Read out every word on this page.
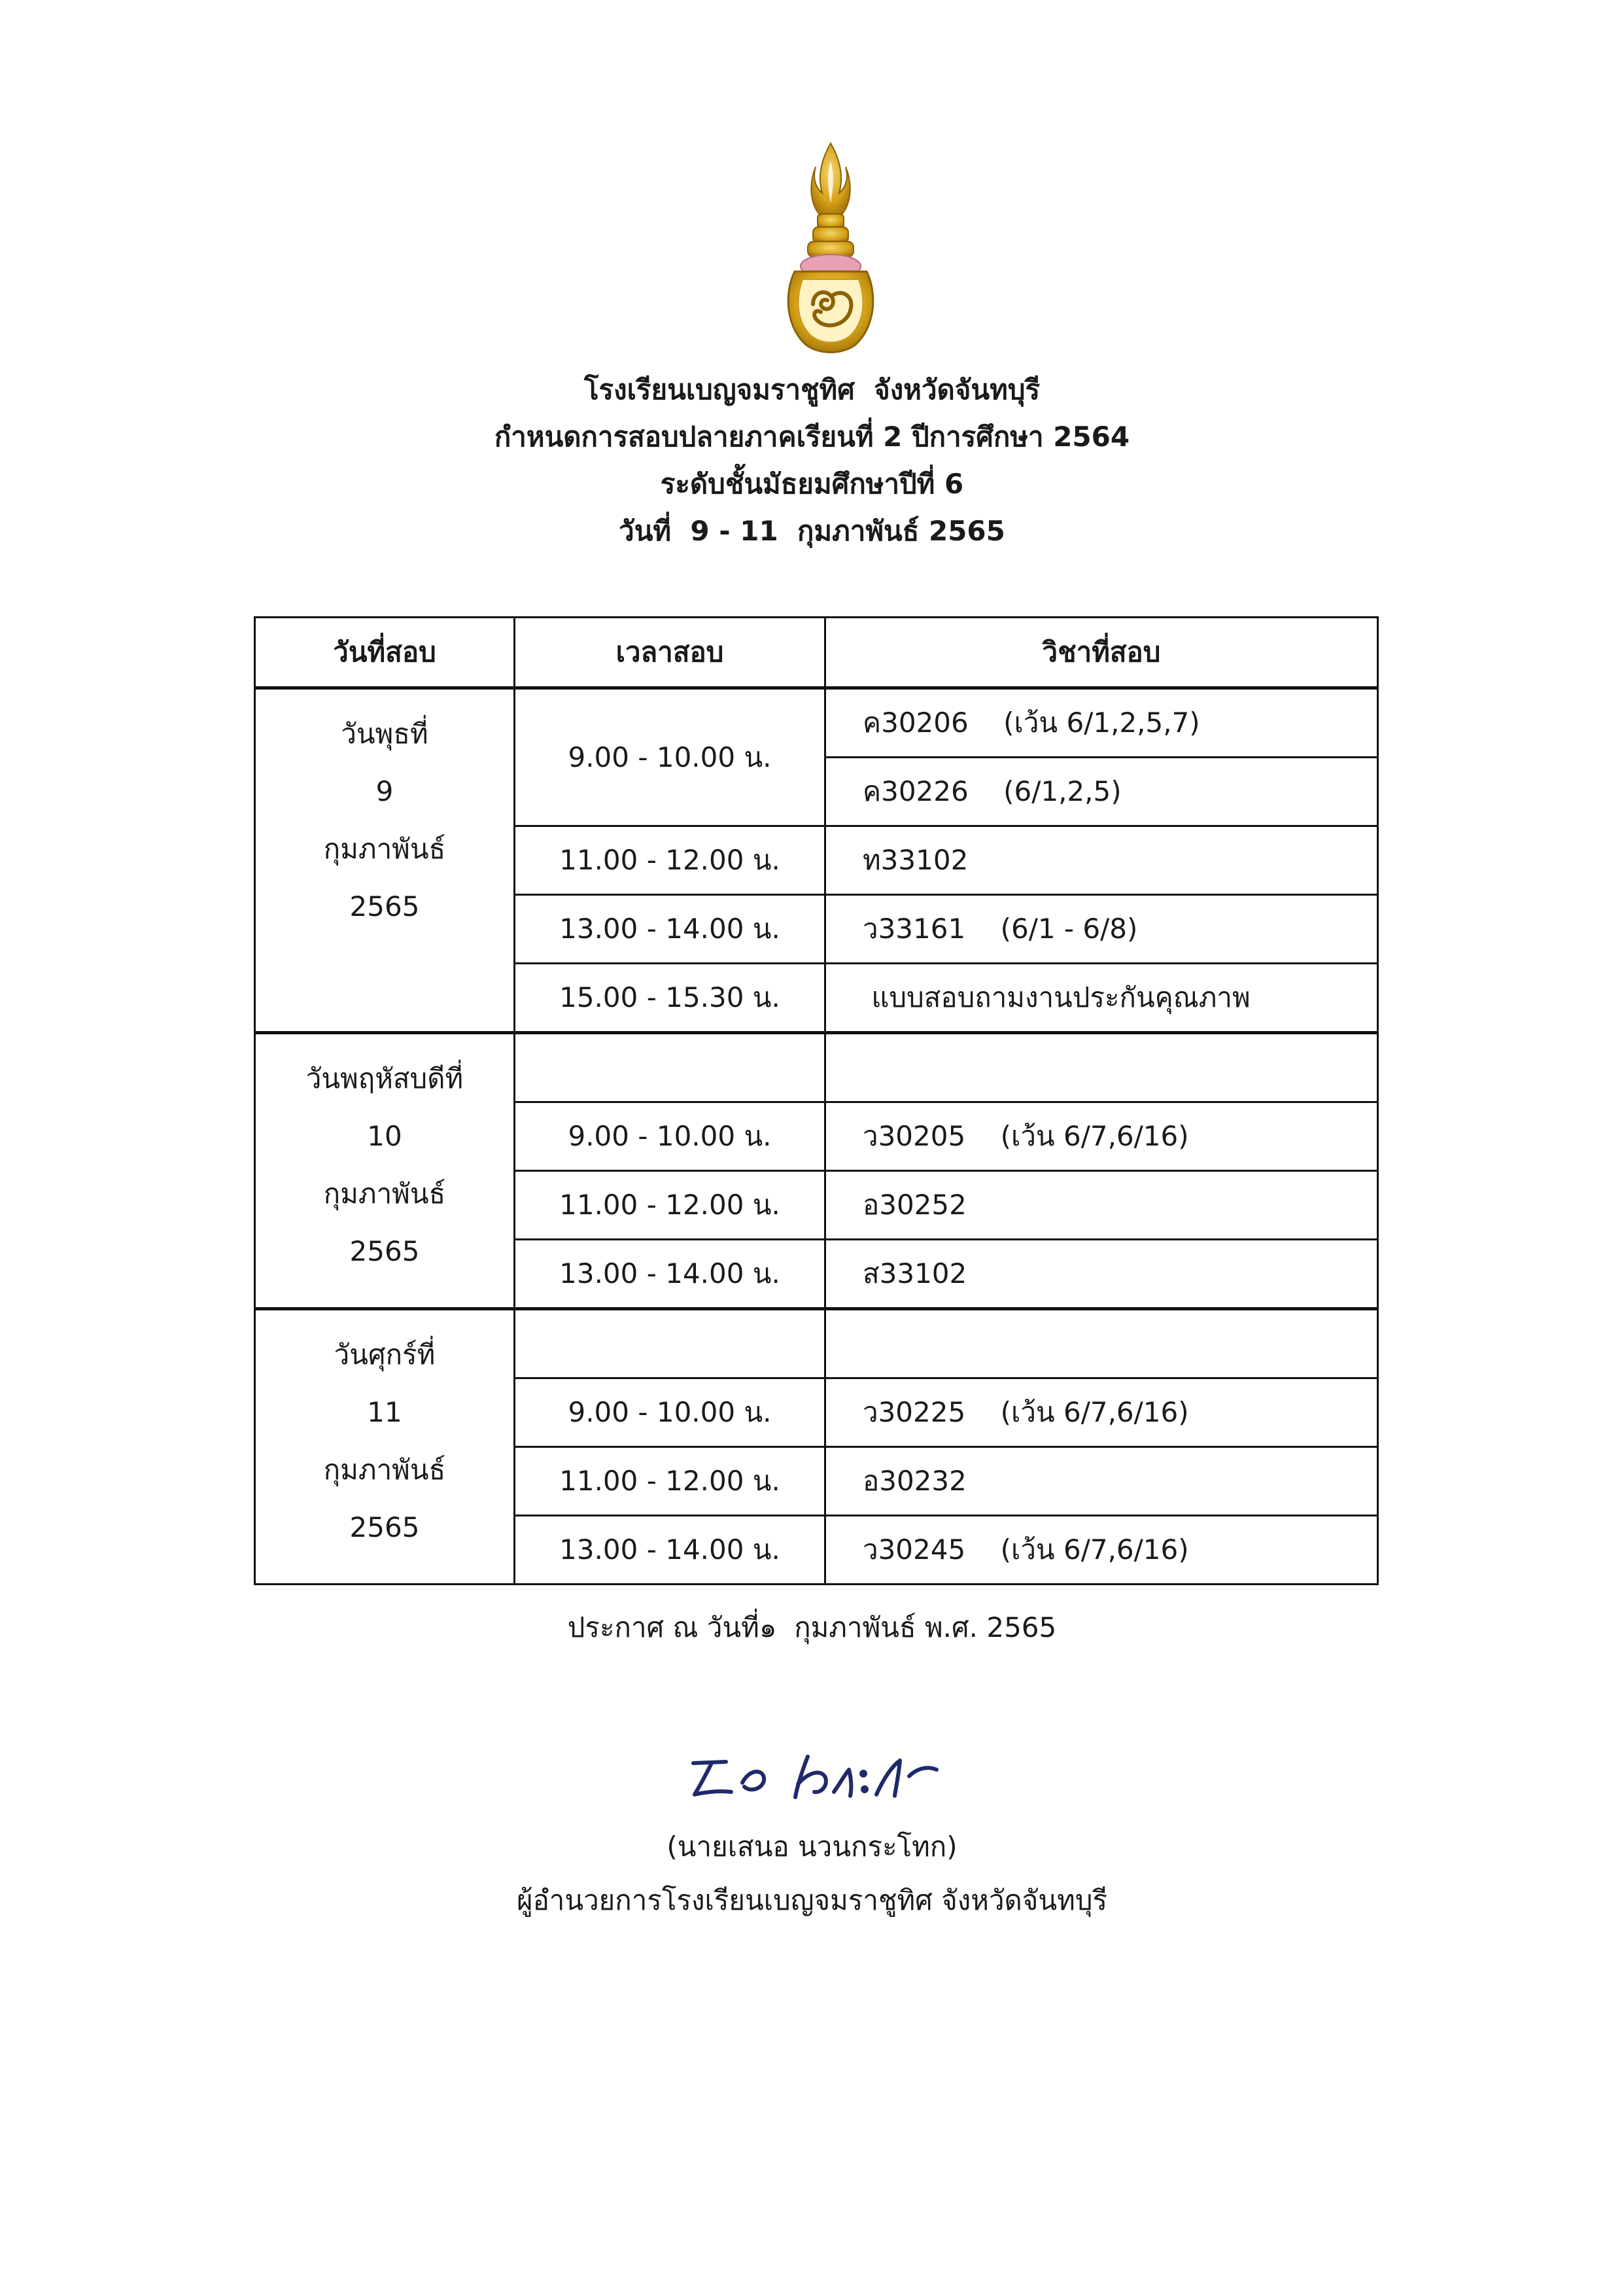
โรงเรียนเบญจมราชูทิศ  จังหวัดจันทบุรี
กำหนดการสอบปลายภาคเรียนที่ 2 ปีการศึกษา 2564
ระดับชั้นมัธยมศึกษาปีที่ 6
วันที่  9 - 11  กุมภาพันธ์ 2565
วันที่สอบ	เวลาสอบ	วิชาที่สอบ

วันพุธที่
9
กุมภาพันธ์
2565	9.00 - 10.00 น.	ค30206    (เว้น 6/1,2,5,7)
		ค30226    (6/1,2,5)
	11.00 - 12.00 น.	ท33102
	13.00 - 14.00 น.	ว33161    (6/1 - 6/8)
	15.00 - 15.30 น.	แบบสอบถามงานประกันคุณภาพ

วันพฤหัสบดีที่
10
กุมภาพันธ์
2565		

	9.00 - 10.00 น.	ว30205    (เว้น 6/7,6/16)
	11.00 - 12.00 น.	อ30252
	13.00 - 14.00 น.	ส33102

วันศุกร์ที่
11
กุมภาพันธ์
2565		

	9.00 - 10.00 น.	ว30225    (เว้น 6/7,6/16)
	11.00 - 12.00 น.	อ30232
	13.00 - 14.00 น.	ว30245    (เว้น 6/7,6/16)
ประกาศ ณ วันที่๑  กุมภาพันธ์ พ.ศ. 2565
(นายเสนอ นวนกระโทก)
ผู้อำนวยการโรงเรียนเบญจมราชูทิศ จังหวัดจันทบุรี
